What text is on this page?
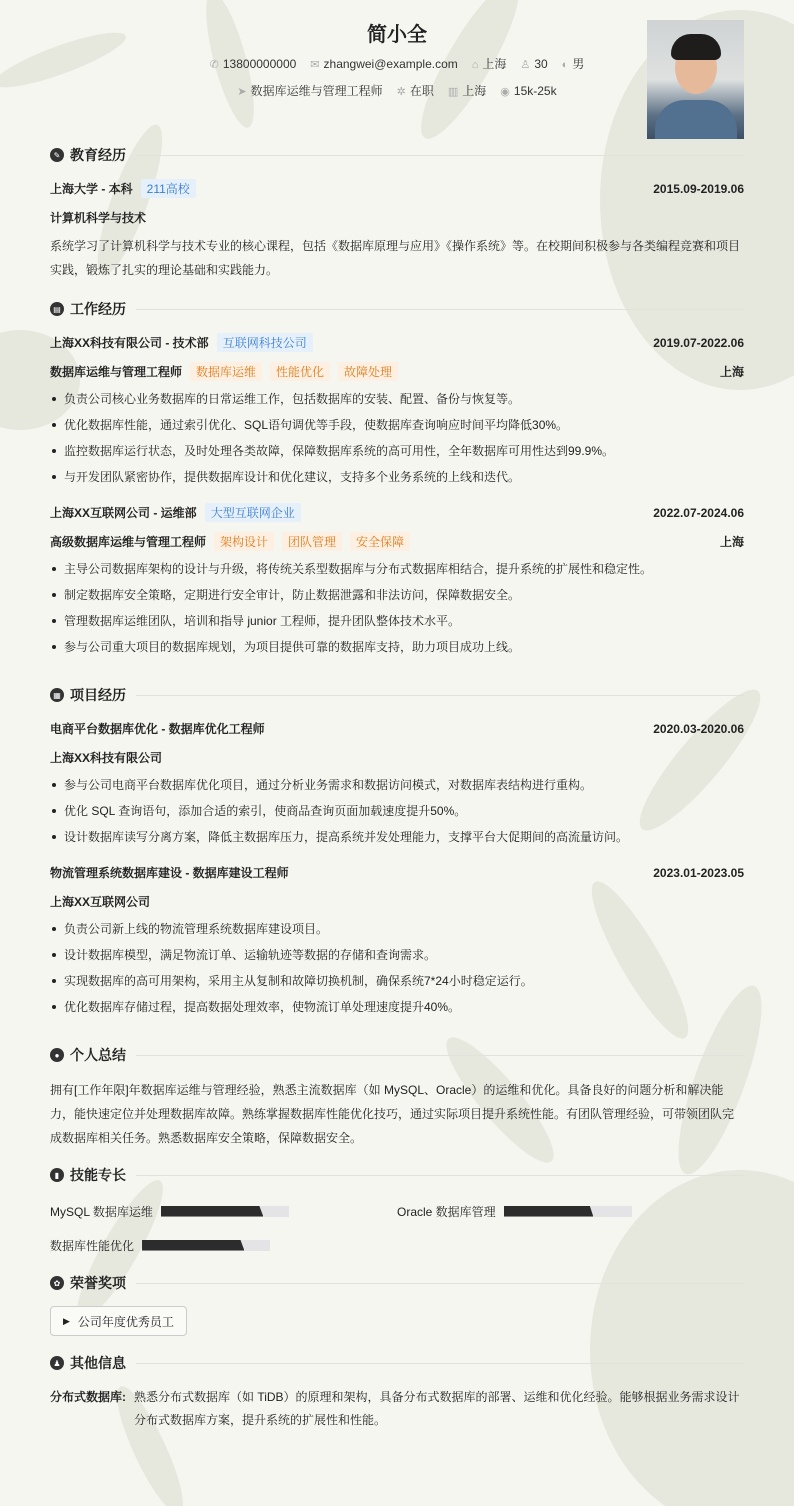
简小全
✆ 13800000000 ✉ zhangwei@example.com ⌂ 上海 ♙ 30 ◐ 男
➤ 数据库运维与管理工程师 ✲ 在职 ▥ 上海 ◉ 15k-25k
✎ 教育经历
上海大学 - 本科	211高校	2015.09-2019.06
计算机科学与技术
系统学习了计算机科学与技术专业的核心课程，包括《数据库原理与应用》《操作系统》等。在校期间积极参与各类编程竞赛和项目实践，锻炼了扎实的理论基础和实践能力。
▤ 工作经历
上海XX科技有限公司 - 技术部	互联网科技公司	2019.07-2022.06
数据库运维与管理工程师	数据库运维	性能优化	故障处理	上海
负责公司核心业务数据库的日常运维工作，包括数据库的安装、配置、备份与恢复等。
优化数据库性能，通过索引优化、SQL语句调优等手段，使数据库查询响应时间平均降低30%。
监控数据库运行状态，及时处理各类故障，保障数据库系统的高可用性，全年数据库可用性达到99.9%。
与开发团队紧密协作，提供数据库设计和优化建议，支持多个业务系统的上线和迭代。
上海XX互联网公司 - 运维部	大型互联网企业	2022.07-2024.06
高级数据库运维与管理工程师	架构设计	团队管理	安全保障	上海
主导公司数据库架构的设计与升级，将传统关系型数据库与分布式数据库相结合，提升系统的扩展性和稳定性。
制定数据库安全策略，定期进行安全审计，防止数据泄露和非法访问，保障数据安全。
管理数据库运维团队，培训和指导 junior 工程师，提升团队整体技术水平。
参与公司重大项目的数据库规划，为项目提供可靠的数据库支持，助力项目成功上线。
▦ 项目经历
电商平台数据库优化 - 数据库优化工程师	2020.03-2020.06
上海XX科技有限公司
参与公司电商平台数据库优化项目，通过分析业务需求和数据访问模式，对数据库表结构进行重构。
优化 SQL 查询语句，添加合适的索引，使商品查询页面加载速度提升50%。
设计数据库读写分离方案，降低主数据库压力，提高系统并发处理能力，支撑平台大促期间的高流量访问。
物流管理系统数据库建设 - 数据库建设工程师	2023.01-2023.05
上海XX互联网公司
负责公司新上线的物流管理系统数据库建设项目。
设计数据库模型，满足物流订单、运输轨迹等数据的存储和查询需求。
实现数据库的高可用架构，采用主从复制和故障切换机制，确保系统7*24小时稳定运行。
优化数据库存储过程，提高数据处理效率，使物流订单处理速度提升40%。
● 个人总结
拥有[工作年限]年数据库运维与管理经验，熟悉主流数据库（如 MySQL、Oracle）的运维和优化。具备良好的问题分析和解决能力，能快速定位并处理数据库故障。熟练掌握数据库性能优化技巧，通过实际项目提升系统性能。有团队管理经验，可带领团队完成数据库相关任务。熟悉数据库安全策略，保障数据安全。
▮ 技能专长
MySQL 数据库运维	Oracle 数据库管理
数据库性能优化
✿ 荣誉奖项
▶ 公司年度优秀员工
♟ 其他信息
分布式数据库: 熟悉分布式数据库（如 TiDB）的原理和架构，具备分布式数据库的部署、运维和优化经验。能够根据业务需求设计分布式数据库方案，提升系统的扩展性和性能。
